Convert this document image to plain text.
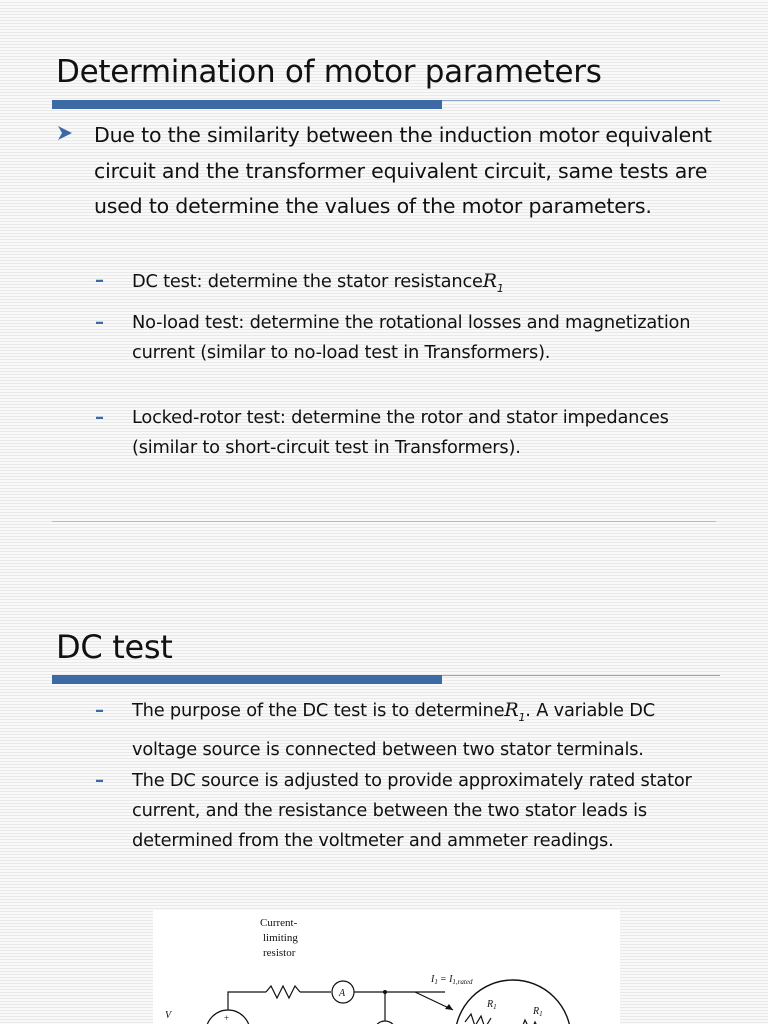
Determination of motor parameters
Due to the similarity between the induction motor equivalent circuit and the transformer equivalent circuit, same tests are used to determine the values of the motor parameters.
– DC test: determine the stator resistanceR$_1$
– No-load test: determine the rotational losses and magnetization current (similar to no-load test in Transformers).
– Locked-rotor test: determine the rotor and stator impedances (similar to short-circuit test in Transformers).
DC test
– The purpose of the DC test is to determineR$_1$. A variable DC voltage source is connected between two stator terminals.
– The DC source is adjusted to provide approximately rated stator current, and the resistance between the two stator leads is determined from the voltmeter and ammeter readings.
Current-
limiting
resistor
A
+
V
$I_1 = I_{1,rated}$
$R_1$	$R_1$
